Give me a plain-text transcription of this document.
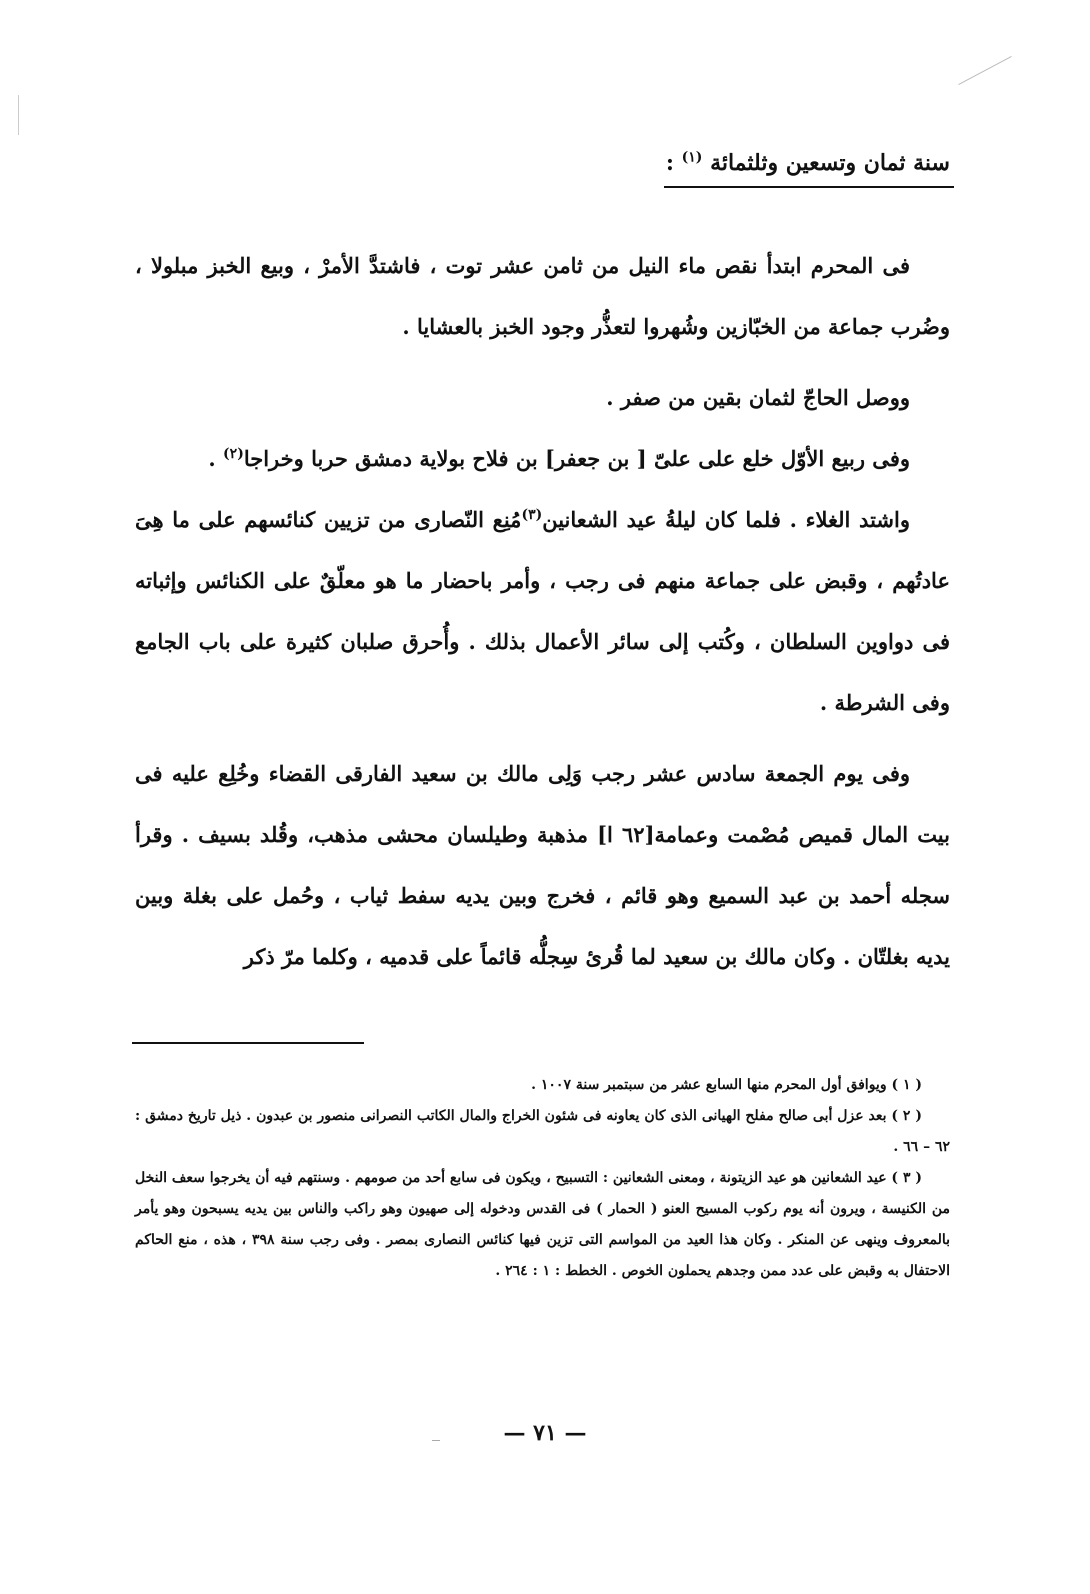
سنة ثمان وتسعين وثلثمائة $^{(١)}$ :

فى المحرم ابتدأ نقص ماء النيل من ثامن عشر توت ، فاشتدَّ الأمرْ ، وبيع الخبز مبلولا ، وضُرب جماعة من الخبّازين وشُهروا لتعذُّر وجود الخبز بالعشايا .

ووصل الحاجّ لثمان بقين من صفر .

وفى ربيع الأوّل خلع على علىّ [ بن جعفر] بن فلاح بولاية دمشق حربا وخراجا$^{(٢)}$ .

واشتد الغلاء . فلما كان ليلةُ عيد الشعانين$^{(٣)}$مُنِع النّصارى من تزيين كنائسهم على ما هِىَ عادتُهم ، وقبض على جماعة منهم فى رجب ، وأمر باحضار ما هو معلّقٌ على الكنائس وإثباته فى دواوين السلطان ، وكُتب إلى سائر الأعمال بذلك . وأُحرق صلبان كثيرة على باب الجامع وفى الشرطة .

وفى يوم الجمعة سادس عشر رجب وَلِى مالك بن سعيد الفارقى القضاء وخُلِع عليه فى بيت المال قميص مُصْمت وعمامة[٦٢ ا] مذهبة وطيلسان محشى مذهب، وقُلد بسيف . وقرأ سجله أحمد بن عبد السميع وهو قائم ، فخرج وبين يديه سفط ثياب ، وحُمل على بغلة وبين يديه بغلتّان . وكان مالك بن سعيد لما قُرئ سِجلُّه قائماً على قدميه ، وكلما مرّ ذكر

( ١ ) ويوافق أول المحرم منها السابع عشر من سبتمبر سنة ١٠٠٧ .

( ٢ ) بعد عزل أبى صالح مفلح الهيانى الذى كان يعاونه فى شئون الخراج والمال الكاتب النصرانى منصور بن عبدون . ذيل تاريخ دمشق : ٦٢ – ٦٦ .

( ٣ ) عيد الشعانين هو عيد الزيتونة ، ومعنى الشعانين : التسبيح ، ويكون فى سابع أحد من صومهم . وسنتهم فيه أن يخرجوا سعف النخل من الكنيسة ، ويرون أنه يوم ركوب المسيح العنو ( الحمار ) فى القدس ودخوله إلى صهيون وهو راكب والناس بين يديه يسبحون وهو يأمر بالمعروف وينهى عن المنكر . وكان هذا العيد من المواسم التى تزين فيها كنائس النصارى بمصر . وفى رجب سنة ٣٩٨ ، هذه ، منع الحاكم الاحتفال به وقبض على عدد ممن وجدهم يحملون الخوص . الخطط : ١ : ٢٦٤ .

— ٧١ —
